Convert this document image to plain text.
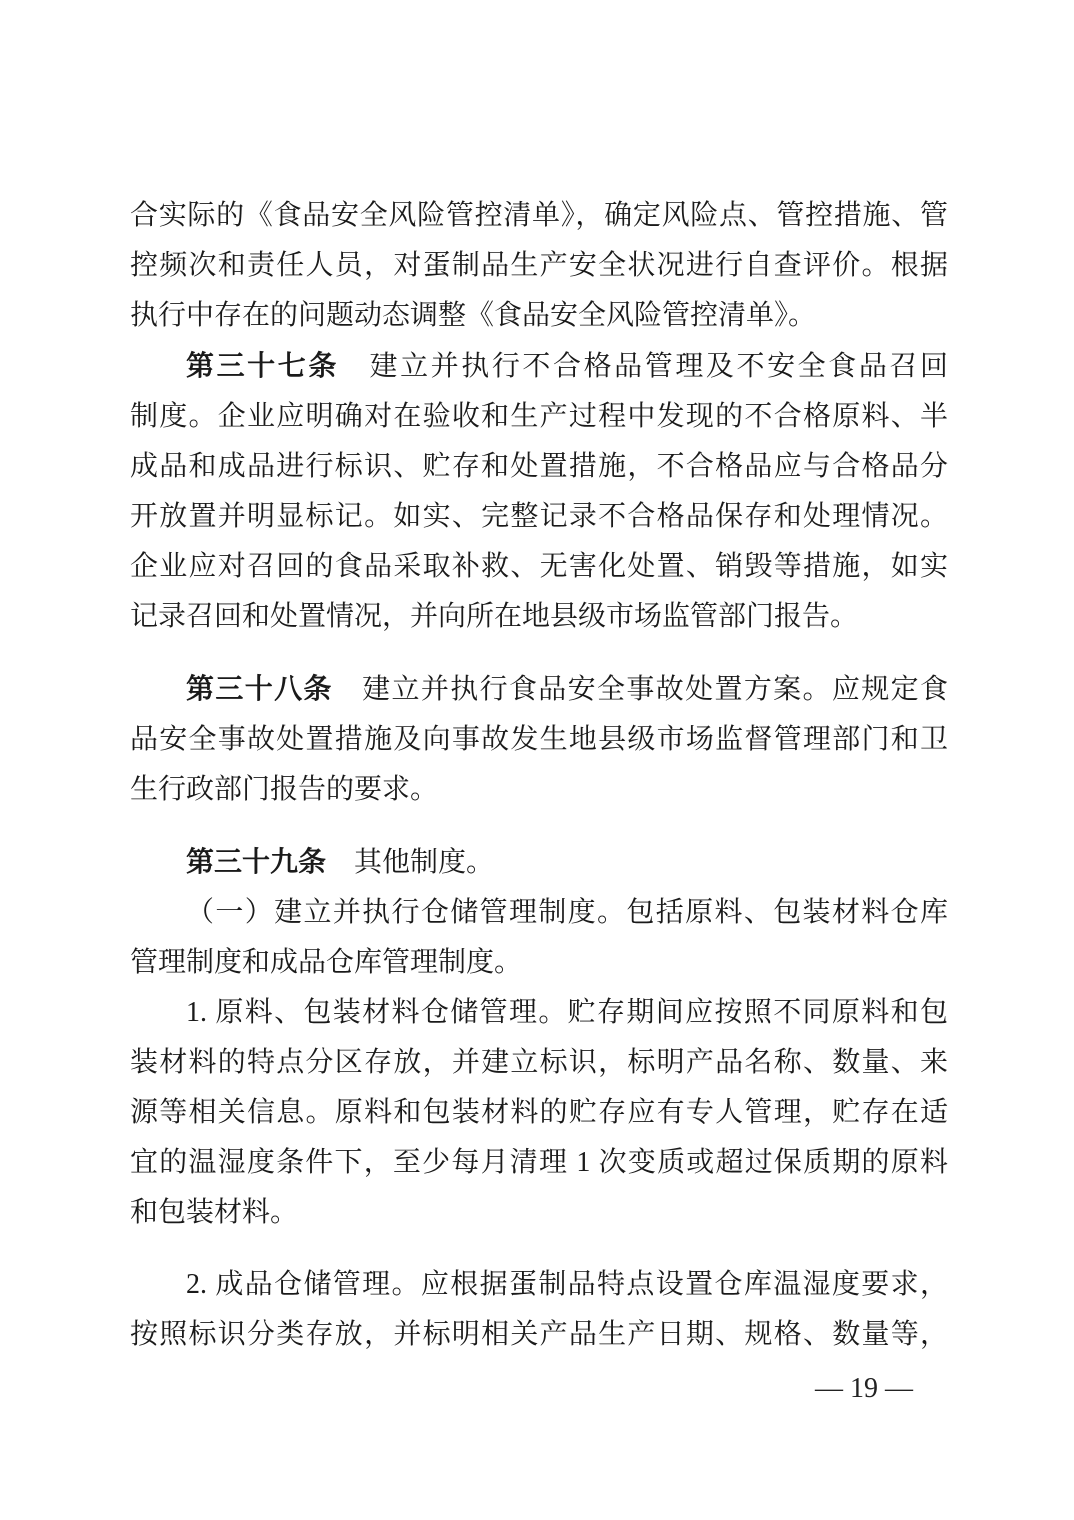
合实际的《食品安全风险管控清单》，确定风险点、管控措施、管
控频次和责任人员，对蛋制品生产安全状况进行自查评价。根据
执行中存在的问题动态调整《食品安全风险管控清单》。
第三十七条　建立并执行不合格品管理及不安全食品召回
制度。企业应明确对在验收和生产过程中发现的不合格原料、半
成品和成品进行标识、贮存和处置措施，不合格品应与合格品分
开放置并明显标记。如实、完整记录不合格品保存和处理情况。
企业应对召回的食品采取补救、无害化处置、销毁等措施，如实
记录召回和处置情况，并向所在地县级市场监管部门报告。
第三十八条　建立并执行食品安全事故处置方案。应规定食
品安全事故处置措施及向事故发生地县级市场监督管理部门和卫
生行政部门报告的要求。
第三十九条　其他制度。
（一）建立并执行仓储管理制度。包括原料、包装材料仓库
管理制度和成品仓库管理制度。
1. 原料、包装材料仓储管理。贮存期间应按照不同原料和包
装材料的特点分区存放，并建立标识，标明产品名称、数量、来
源等相关信息。原料和包装材料的贮存应有专人管理，贮存在适
宜的温湿度条件下，至少每月清理 1 次变质或超过保质期的原料
和包装材料。
2. 成品仓储管理。应根据蛋制品特点设置仓库温湿度要求，
按照标识分类存放，并标明相关产品生产日期、规格、数量等，
— 19 —
